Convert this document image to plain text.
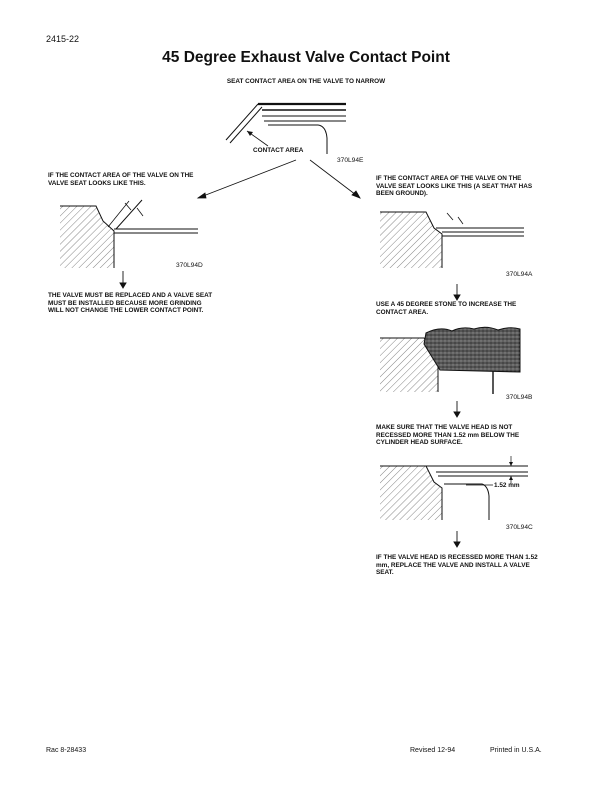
2415-22
45 Degree Exhaust Valve Contact Point
SEAT CONTACT AREA ON THE VALVE TO NARROW
CONTACT AREA
370L94E
IF THE CONTACT AREA OF THE VALVE ON THE VALVE SEAT LOOKS LIKE THIS.
370L94D
THE VALVE MUST BE REPLACED AND A VALVE SEAT MUST BE INSTALLED BECAUSE MORE GRINDING WILL NOT CHANGE THE LOWER CONTACT POINT.
IF THE CONTACT AREA OF THE VALVE ON THE VALVE SEAT LOOKS LIKE THIS (A SEAT THAT HAS BEEN GROUND).
370L94A
USE A 45 DEGREE STONE TO INCREASE THE CONTACT AREA.
370L94B
MAKE SURE THAT THE VALVE HEAD IS NOT RECESSED MORE THAN 1.52 mm BELOW THE CYLINDER HEAD SURFACE.
1.52 mm
370L94C
IF THE VALVE HEAD IS RECESSED MORE THAN 1.52 mm, REPLACE THE VALVE AND INSTALL A VALVE SEAT.
Rac 8-28433	Revised 12-94	Printed in U.S.A.
